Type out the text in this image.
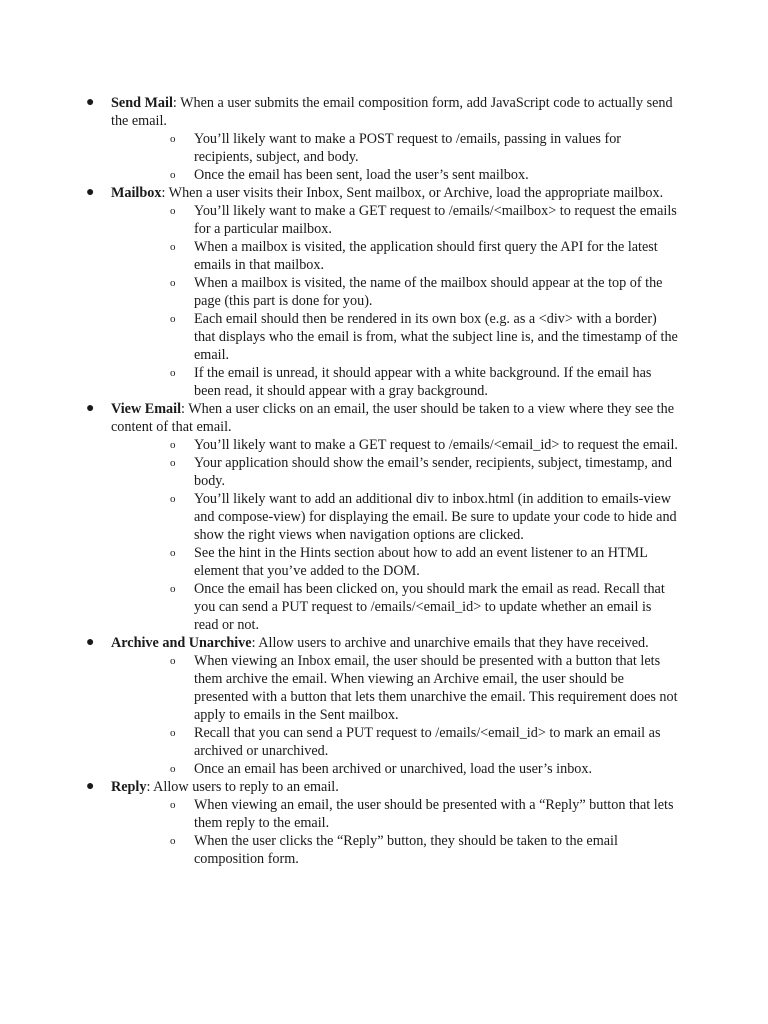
● Send Mail: When a user submits the email composition form, add JavaScript code to actually send the email.
o You’ll likely want to make a POST request to /emails, passing in values for recipients, subject, and body.
o Once the email has been sent, load the user’s sent mailbox.
● Mailbox: When a user visits their Inbox, Sent mailbox, or Archive, load the appropriate mailbox.
o You’ll likely want to make a GET request to /emails/<mailbox> to request the emails for a particular mailbox.
o When a mailbox is visited, the application should first query the API for the latest emails in that mailbox.
o When a mailbox is visited, the name of the mailbox should appear at the top of the page (this part is done for you).
o Each email should then be rendered in its own box (e.g. as a <div> with a border) that displays who the email is from, what the subject line is, and the timestamp of the email.
o If the email is unread, it should appear with a white background. If the email has been read, it should appear with a gray background.
● View Email: When a user clicks on an email, the user should be taken to a view where they see the content of that email.
o You’ll likely want to make a GET request to /emails/<email_id> to request the email.
o Your application should show the email’s sender, recipients, subject, timestamp, and body.
o You’ll likely want to add an additional div to inbox.html (in addition to emails-view and compose-view) for displaying the email. Be sure to update your code to hide and show the right views when navigation options are clicked.
o See the hint in the Hints section about how to add an event listener to an HTML element that you’ve added to the DOM.
o Once the email has been clicked on, you should mark the email as read. Recall that you can send a PUT request to /emails/<email_id> to update whether an email is read or not.
● Archive and Unarchive: Allow users to archive and unarchive emails that they have received.
o When viewing an Inbox email, the user should be presented with a button that lets them archive the email. When viewing an Archive email, the user should be presented with a button that lets them unarchive the email. This requirement does not apply to emails in the Sent mailbox.
o Recall that you can send a PUT request to /emails/<email_id> to mark an email as archived or unarchived.
o Once an email has been archived or unarchived, load the user’s inbox.
● Reply: Allow users to reply to an email.
o When viewing an email, the user should be presented with a “Reply” button that lets them reply to the email.
o When the user clicks the “Reply” button, they should be taken to the email composition form.
